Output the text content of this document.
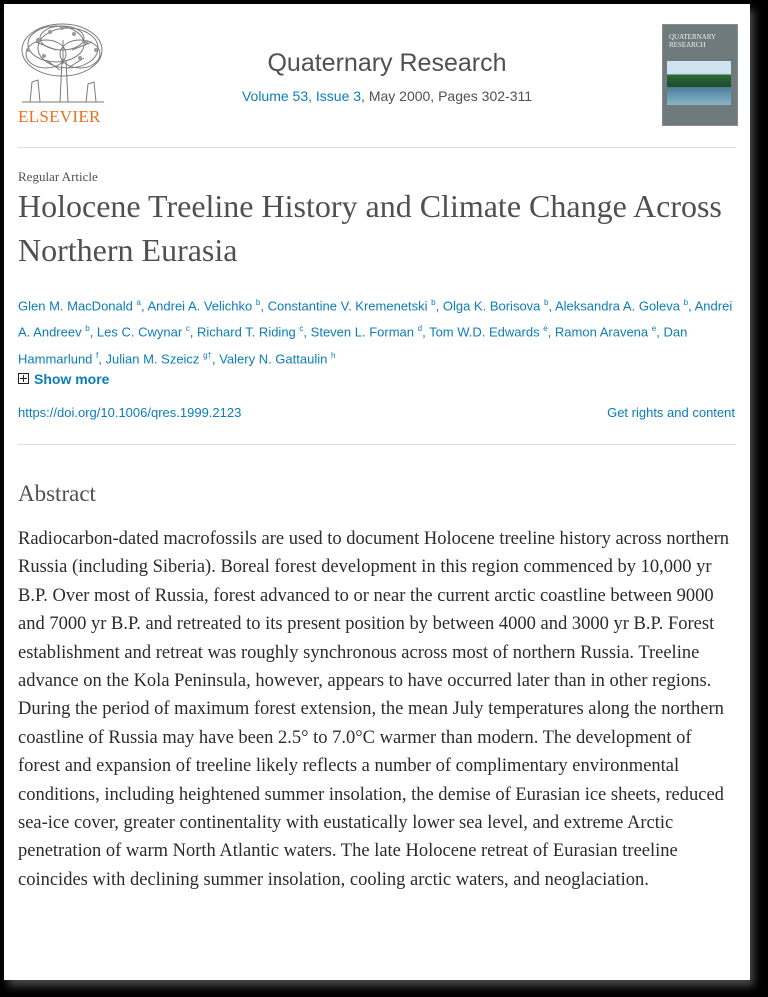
ELSEVIER
Quaternary Research
Volume 53, Issue 3, May 2000, Pages 302-311
QUATERNARY RESEARCH
Regular Article
Holocene Treeline History and Climate Change Across Northern Eurasia
Glen M. MacDonald $^a$, Andrei A. Velichko $^b$, Constantine V. Kremenetski $^b$, Olga K. Borisova $^b$, Aleksandra A. Goleva $^b$, Andrei A. Andreev $^b$, Les C. Cwynar $^c$, Richard T. Riding $^c$, Steven L. Forman $^d$, Tom W.D. Edwards $^e$, Ramon Aravena $^e$, Dan Hammarlund $^f$, Julian M. Szeicz $^{g\dagger}$, Valery N. Gattaulin $^h$
Show more
https://doi.org/10.1006/qres.1999.2123	Get rights and content
Abstract
Radiocarbon-dated macrofossils are used to document Holocene treeline history across northern Russia (including Siberia). Boreal forest development in this region commenced by 10,000 yr B.P. Over most of Russia, forest advanced to or near the current arctic coastline between 9000 and 7000 yr B.P. and retreated to its present position by between 4000 and 3000 yr B.P. Forest establishment and retreat was roughly synchronous across most of northern Russia. Treeline advance on the Kola Peninsula, however, appears to have occurred later than in other regions. During the period of maximum forest extension, the mean July temperatures along the northern coastline of Russia may have been 2.5° to 7.0°C warmer than modern. The development of forest and expansion of treeline likely reflects a number of complimentary environmental conditions, including heightened summer insolation, the demise of Eurasian ice sheets, reduced sea-ice cover, greater continentality with eustatically lower sea level, and extreme Arctic penetration of warm North Atlantic waters. The late Holocene retreat of Eurasian treeline coincides with declining summer insolation, cooling arctic waters, and neoglaciation.
